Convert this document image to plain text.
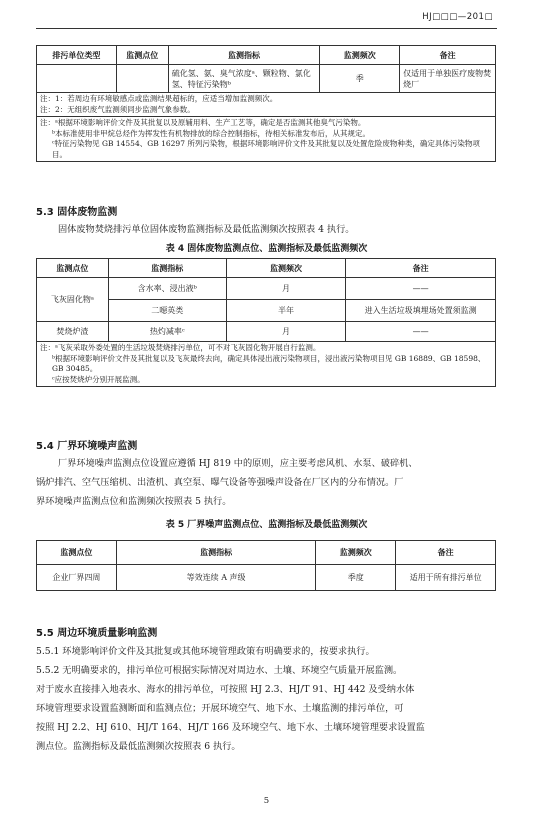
HJ□□□—201□
排污单位类型	监测点位	监测指标	监测频次	备注
		硫化氢、氨、臭气浓度ᵃ、颗粒物、氯化氢、特征污染物ᵇ	季	仅适用于单独医疗废物焚烧厂

注：1：若周边有环境敏感点或监测结果超标的，应适当增加监测频次。
注：2：无组织废气监测须同步监测气象参数。				

注：ᵃ根据环境影响评价文件及其批复以及原辅用料、生产工艺等，确定是否监测其他臭气污染物。
ᵇ本标准使用非甲烷总烃作为挥发性有机物排放的综合控制指标，待相关标准发布后，从其规定。
ᶜ特征污染物见 GB 14554、GB 16297 所列污染物，根据环境影响评价文件及其批复以及处置危险废物种类，确定具体污染物项目。				
5.3 固体废物监测
固体废物焚烧排污单位固体废物监测指标及最低监测频次按照表 4 执行。
表 4 固体废物监测点位、监测指标及最低监测频次
监测点位	监测指标	监测频次	备注
飞灰固化物ᵃ	含水率、浸出液ᵇ	月	——
	二噁英类	半年	进入生活垃圾填埋场处置须监测
焚烧炉渣	热灼减率ᶜ	月	——

注：ᵃ飞灰采取外委处置的生活垃圾焚烧排污单位，可不对飞灰固化物开展自行监测。
ᵇ根据环境影响评价文件及其批复以及飞灰最终去向，确定具体浸出液污染物项目，浸出液污染物项目见 GB 16889、GB 18598、GB 30485。
ᶜ应按焚烧炉分别开展监测。			
5.4 厂界环境噪声监测
厂界环境噪声监测点位设置应遵循 HJ 819 中的原则，应主要考虑风机、水泵、破碎机、
锅炉排汽、空气压缩机、出渣机、真空泵、曝气设备等强噪声设备在厂区内的分布情况。厂
界环境噪声监测点位和监测频次按照表 5 执行。
表 5 厂界噪声监测点位、监测指标及最低监测频次
监测点位	监测指标	监测频次	备注
企业厂界四周	等效连续 A 声级	季度	适用于所有排污单位
5.5 周边环境质量影响监测
5.5.1 环境影响评价文件及其批复或其他环境管理政策有明确要求的，按要求执行。
5.5.2 无明确要求的，排污单位可根据实际情况对周边水、土壤、环境空气质量开展监测。
对于废水直接排入地表水、海水的排污单位，可按照 HJ 2.3、HJ/T 91、HJ 442 及受纳水体
环境管理要求设置监测断面和监测点位；开展环境空气、地下水、土壤监测的排污单位，可
按照 HJ 2.2、HJ 610、HJ/T 164、HJ/T 166 及环境空气、地下水、土壤环境管理要求设置监
测点位。监测指标及最低监测频次按照表 6 执行。
5
